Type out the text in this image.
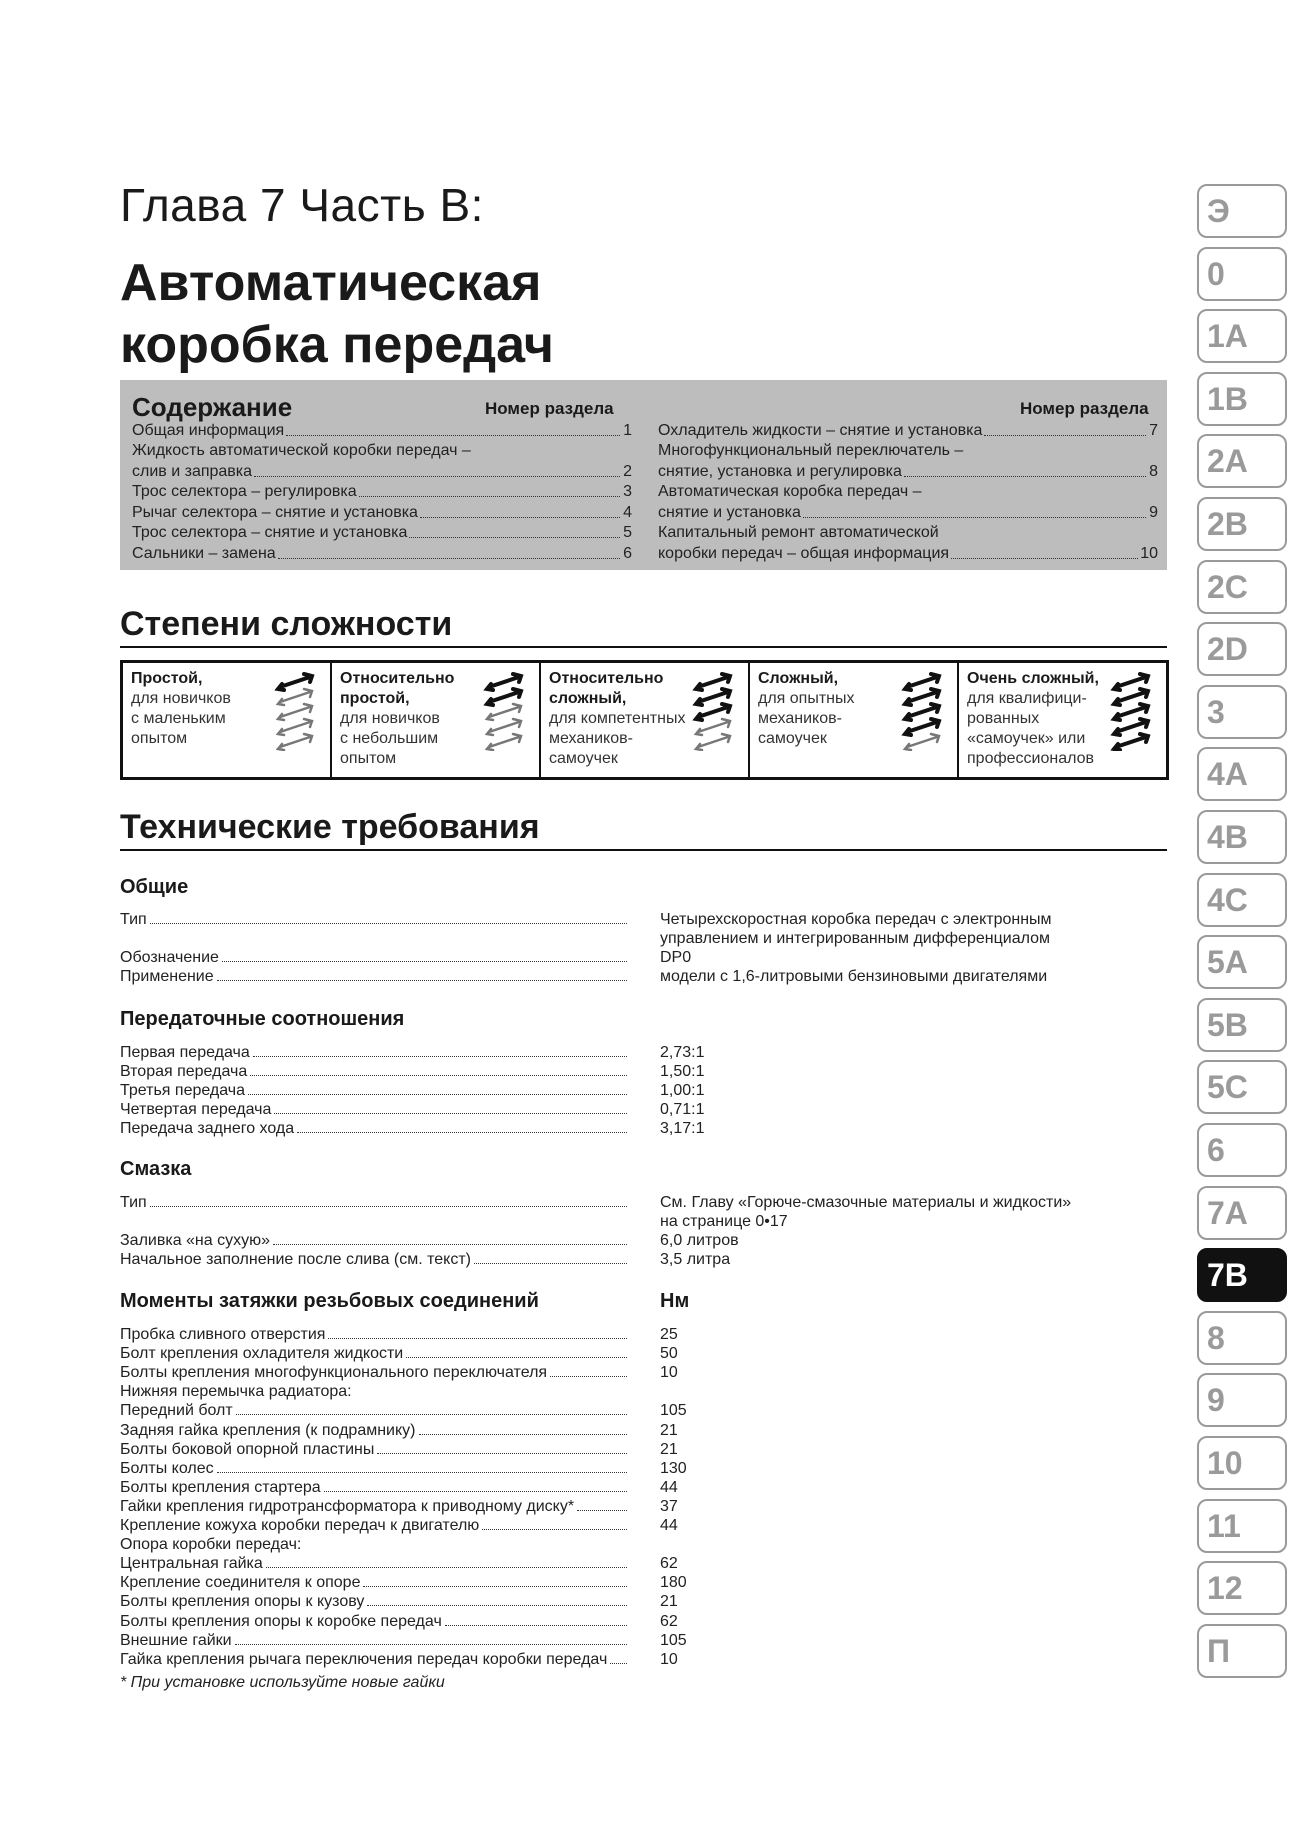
Глава 7 Часть В:
Автоматическая
коробка передач
Содержание	Номер раздела	Номер раздела
Общая информация	1
Жидкость автоматической коробки передач –
слив и заправка	2
Трос селектора – регулировка	3
Рычаг селектора – снятие и установка	4
Трос селектора – снятие и установка	5
Сальники – замена	6
Охладитель жидкости – снятие и установка	7
Многофункциональный переключатель –
снятие, установка и регулировка	8
Автоматическая коробка передач –
снятие и установка	9
Капитальный ремонт автоматической
коробки передач – общая информация	10
Степени сложности
Простой,
для новичков
с маленьким
опытом
Относительно
простой,
для новичков
с небольшим
опытом
Относительно
сложный,
для компетентных
механиков-
самоучек
Сложный,
для опытных
механиков-
самоучек
Очень сложный,
для квалифици-
рованных
«самоучек» или
профессионалов
Технические требования
Общие
Тип	Четырехскоростная коробка передач с электронным
управлением и интегрированным дифференциалом
Обозначение	DP0
Применение	модели с 1,6-литровыми бензиновыми двигателями
Передаточные соотношения
Первая передача	2,73:1
Вторая передача	1,50:1
Третья передача	1,00:1
Четвертая передача	0,71:1
Передача заднего хода	3,17:1
Смазка
Тип	См. Главу «Горюче-смазочные материалы и жидкости»
на странице 0•17
Заливка «на сухую»	6,0 литров
Начальное заполнение после слива (см. текст)	3,5 литра
Моменты затяжки резьбовых соединений	Нм
Пробка сливного отверстия	25
Болт крепления охладителя жидкости	50
Болты крепления многофункционального переключателя	10
Нижняя перемычка радиатора:
Передний болт	105
Задняя гайка крепления (к подрамнику)	21
Болты боковой опорной пластины	21
Болты колес	130
Болты крепления стартера	44
Гайки крепления гидротрансформатора к приводному диску*	37
Крепление кожуха коробки передач к двигателю	44
Опора коробки передач:
Центральная гайка	62
Крепление соединителя к опоре	180
Болты крепления опоры к кузову	21
Болты крепления опоры к коробке передач	62
Внешние гайки	105
Гайка крепления рычага переключения передач коробки передач	10
* При установке используйте новые гайки
Э
0
1A
1B
2A
2B
2C
2D
3
4A
4B
4C
5A
5B
5C
6
7A
7B
8
9
10
11
12
П
